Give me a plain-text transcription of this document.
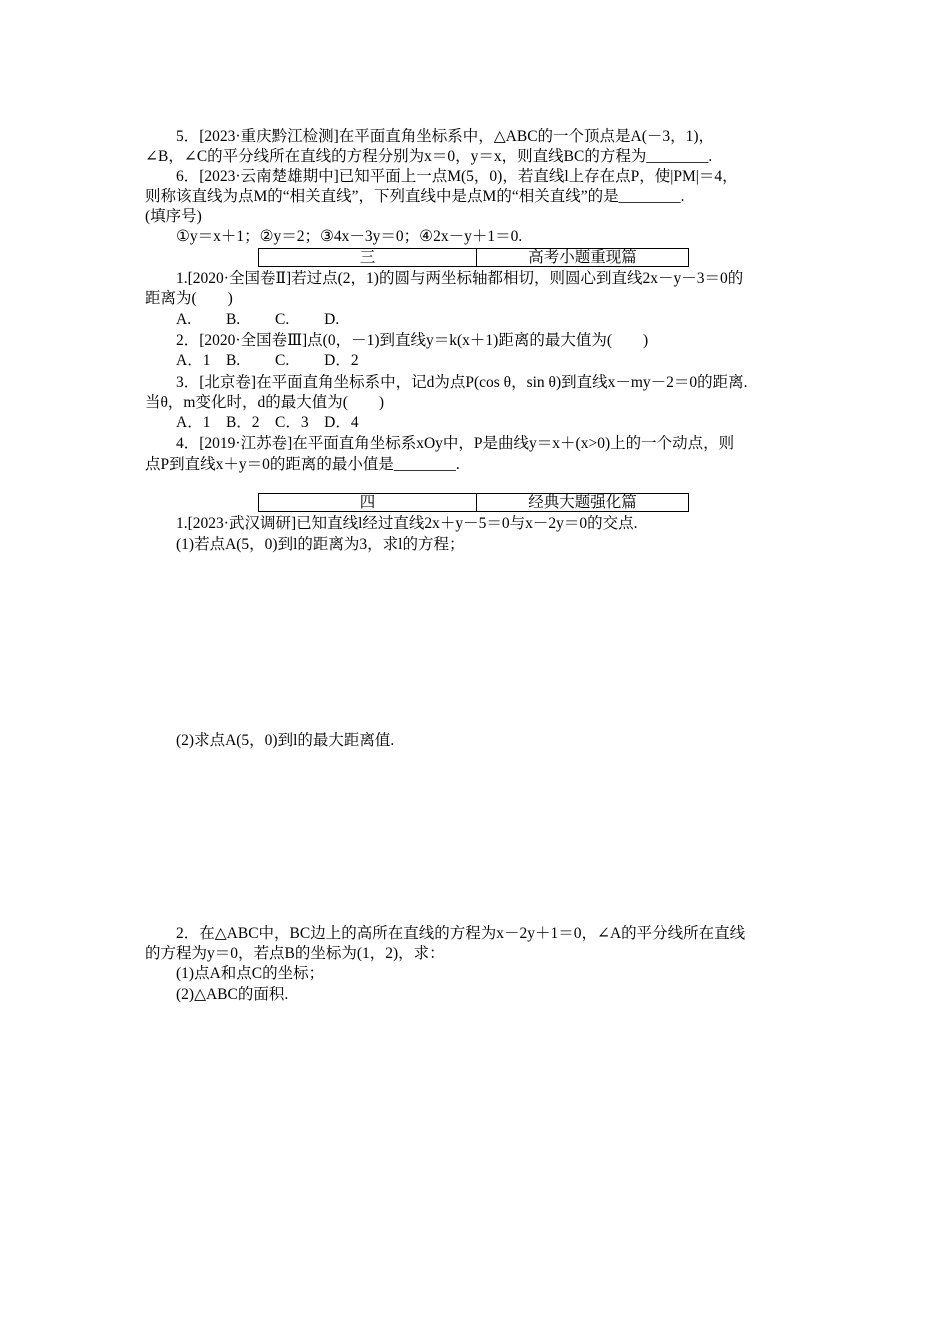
5．[2023·重庆黔江检测]在平面直角坐标系中，△ABC的一个顶点是A(－3，1)，
∠B，∠C的平分线所在直线的方程分别为x＝0，y＝x，则直线BC的方程为________.
6．[2023·云南楚雄期中]已知平面上一点M(5，0)，若直线l上存在点P，使|PM|＝4，
则称该直线为点M的“相关直线”，下列直线中是点M的“相关直线”的是________.
(填序号)
①y＝x＋1；②y＝2；③4x－3y＝0；④2x－y＋1＝0.
三	高考小题重现篇
1.[2020·全国卷Ⅱ]若过点(2，1)的圆与两坐标轴都相切，则圆心到直线2x－y－3＝0的
距离为(　　)
A.　　 B.　　 C.　　 D.
2．[2020·全国卷Ⅲ]点(0，－1)到直线y＝k(x＋1)距离的最大值为(　　)
A．1　B.　　 C.　　 D．2
3．[北京卷]在平面直角坐标系中，记d为点P(cos θ，sin θ)到直线x－my－2＝0的距离.
当θ，m变化时，d的最大值为(　　)
A．1　B．2　C．3　D．4
4．[2019·江苏卷]在平面直角坐标系xOy中，P是曲线y＝x＋(x>0)上的一个动点，则
点P到直线x＋y＝0的距离的最小值是________.
四	经典大题强化篇
1.[2023·武汉调研]已知直线l经过直线2x＋y－5＝0与x－2y＝0的交点.
(1)若点A(5，0)到l的距离为3，求l的方程；
(2)求点A(5，0)到l的最大距离值.
2．在△ABC中，BC边上的高所在直线的方程为x－2y＋1＝0，∠A的平分线所在直线
的方程为y＝0，若点B的坐标为(1，2)，求：
(1)点A和点C的坐标；
(2)△ABC的面积.
